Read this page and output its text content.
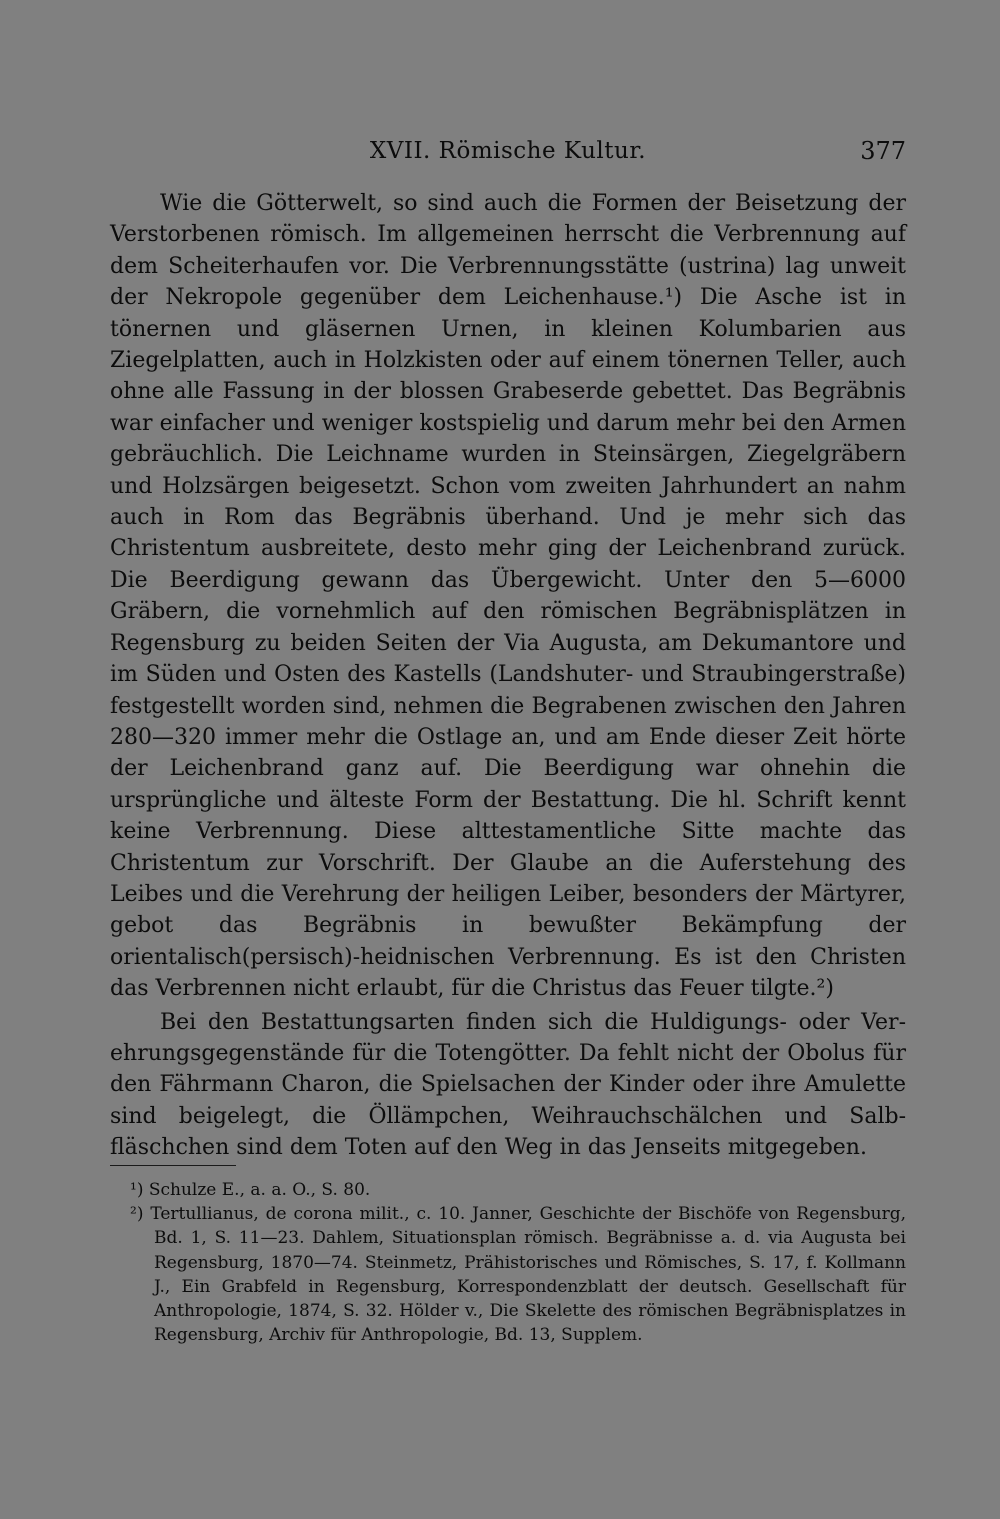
XVII. Römische Kultur.	377

Wie die Götterwelt, so sind auch die Formen der Beisetzung der Verstorbenen römisch. Im allgemeinen herrscht die Verbrennung auf dem Scheiterhaufen vor. Die Verbrennungsstätte (ustrina) lag unweit der Nekropole gegenüber dem Leichenhause.¹) Die Asche ist in tönernen und gläsernen Urnen, in kleinen Kolumbarien aus Ziegelplatten, auch in Holzkisten oder auf einem tönernen Teller, auch ohne alle Fassung in der blossen Grabeserde gebettet. Das Begräbnis war einfacher und weniger kostspielig und darum mehr bei den Armen gebräuchlich. Die Leichname wurden in Steinsärgen, Ziegelgräbern und Holzsärgen beigesetzt. Schon vom zweiten Jahrhundert an nahm auch in Rom das Begräbnis überhand. Und je mehr sich das Christentum ausbreitete, desto mehr ging der Leichenbrand zurück. Die Beerdigung gewann das Übergewicht. Unter den 5—6000 Gräbern, die vornehmlich auf den römischen Begräbnisplätzen in Regensburg zu beiden Seiten der Via Augusta, am Dekumantore und im Süden und Osten des Kastells (Landshuter- und Straubingerstraße) festgestellt worden sind, nehmen die Begrabenen zwischen den Jahren 280—320 immer mehr die Ostlage an, und am Ende dieser Zeit hörte der Leichenbrand ganz auf. Die Beerdigung war ohnehin die ursprüngliche und älteste Form der Bestattung. Die hl. Schrift kennt keine Verbrennung. Diese alttestamentliche Sitte machte das Christentum zur Vorschrift. Der Glaube an die Auferstehung des Leibes und die Verehrung der heiligen Leiber, besonders der Märtyrer, gebot das Begräbnis in bewußter Bekämpfung der orientalisch(persisch)-heidnischen Verbrennung. Es ist den Christen das Verbrennen nicht erlaubt, für die Christus das Feuer tilgte.²)

Bei den Bestattungsarten finden sich die Huldigungs- oder Verehrungsgegenstände für die Totengötter. Da fehlt nicht der Obolus für den Fährmann Charon, die Spielsachen der Kinder oder ihre Amulette sind beigelegt, die Öllämpchen, Weihrauchschälchen und Salbfläschchen sind dem Toten auf den Weg in das Jenseits mitgegeben.

¹) Schulze E., a. a. O., S. 80.

²) Tertullianus, de corona milit., c. 10. Janner, Geschichte der Bischöfe von Regensburg, Bd. 1, S. 11—23. Dahlem, Situationsplan römisch. Begräbnisse a. d. via Augusta bei Regensburg, 1870—74. Steinmetz, Prähistorisches und Römisches, S. 17, f. Kollmann J., Ein Grabfeld in Regensburg, Korrespondenzblatt der deutsch. Gesellschaft für Anthropologie, 1874, S. 32. Hölder v., Die Skelette des römischen Begräbnisplatzes in Regensburg, Archiv für Anthropologie, Bd. 13, Supplem.
